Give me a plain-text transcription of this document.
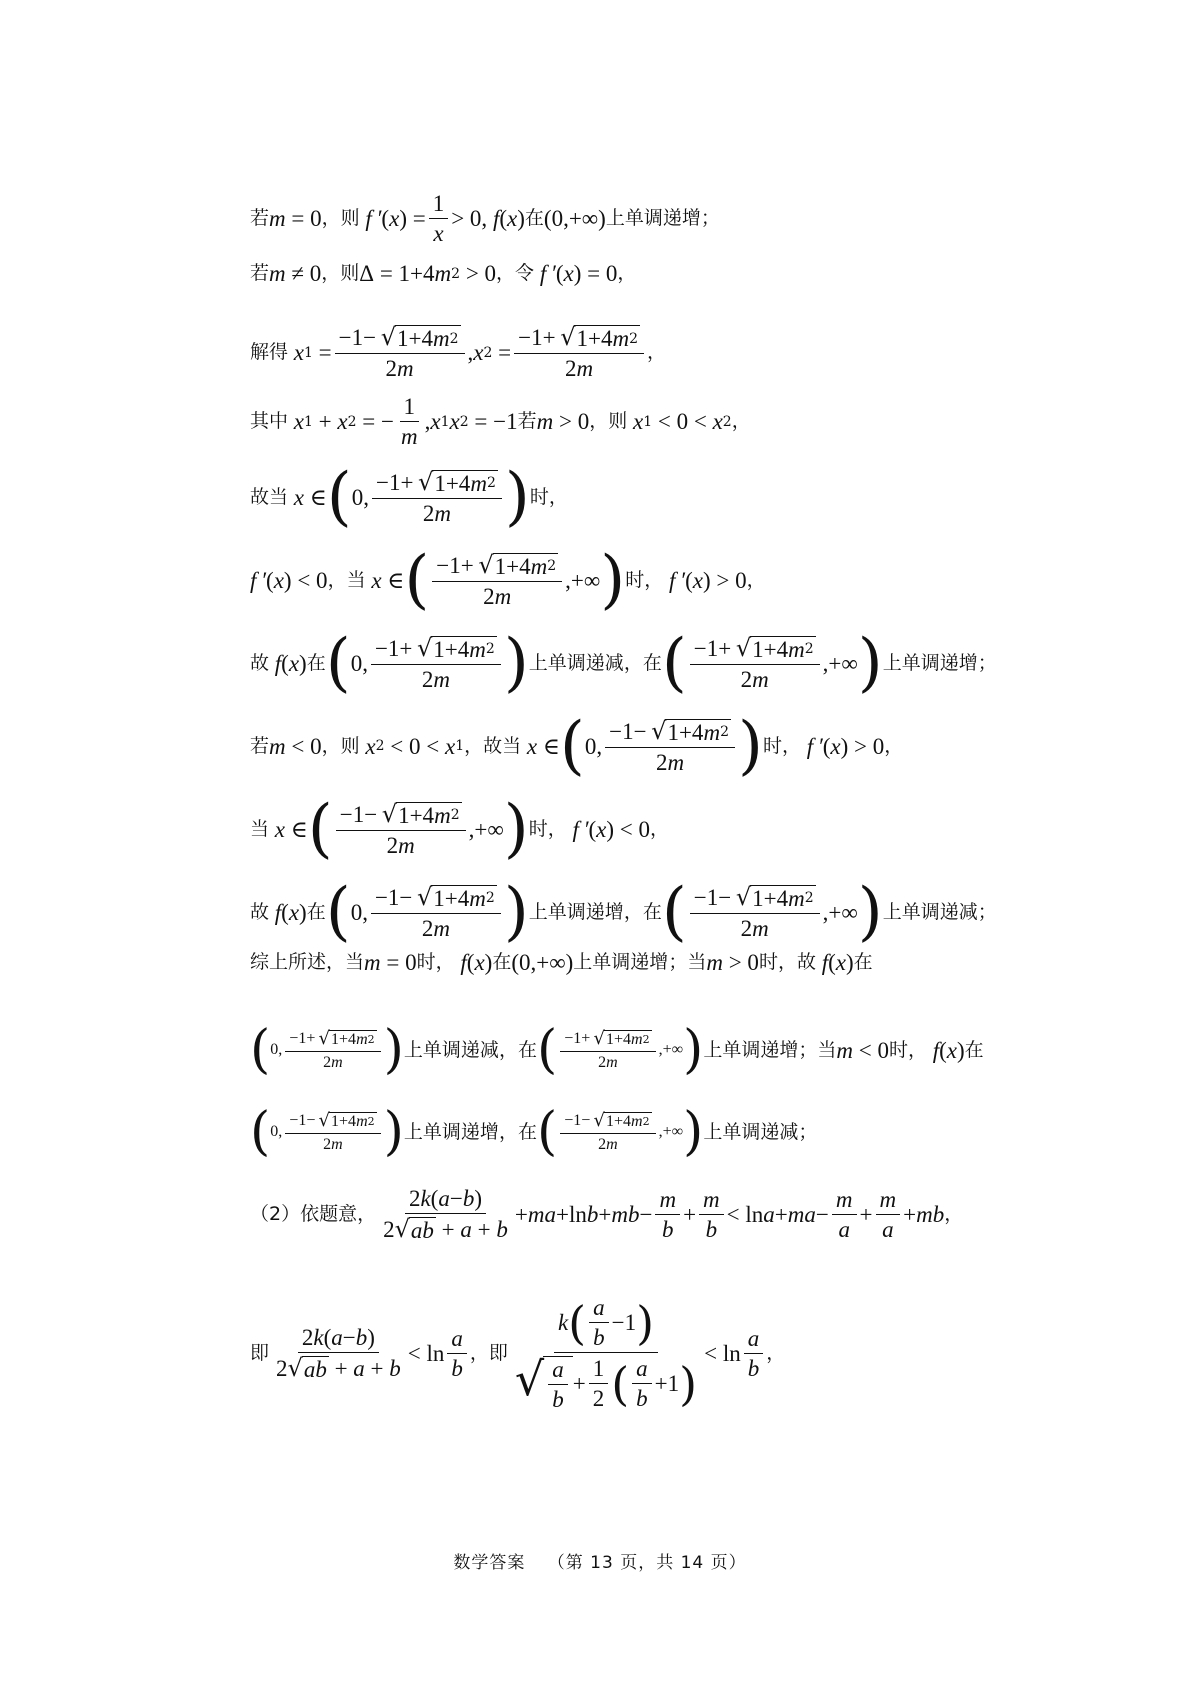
若 m = 0 ，则 f ′ ( x ) = $\frac{1}{x} > 0$, f ( x ) 在 (0,+∞) 上单调递增；
若 m ≠ 0 ，则 Δ = 1+4 m 2 > 0 ，令 f ′ ( x ) = 0 ，
解得 x $1 = \frac{-1- √ 1+4 m 2}{2 m}$ , x $2 = \frac{-1+ √ 1+4 m 2}{2 m}$ ，
其中 x 1 + x 2 = − $\frac{1}{m}$ , x 1 x 2 = −1 若 m > 0 ，则 x 1 < 0 < x 2 ，
故当 x ∈ ( 0, $\frac{-1+ √ 1+4 m 2}{2 m}$ ) 时，
f ′ ( x ) < 0 ，当 x ∈ ( $\frac{-1+ √ 1+4 m 2}{2 m}$ ,+∞ ) 时， f ′ ( x ) > 0 ，
故 f ( x ) 在 ( 0, $\frac{-1+ √ 1+4 m 2}{2 m}$ ) 上单调递减 ，在 ( $\frac{-1+ √ 1+4 m 2}{2 m}$ ,+∞ ) 上单调递增；
若 m < 0 ，则 x 2 < 0 < x 1 ，故当 x ∈ ( 0, $\frac{-1- √ 1+4 m 2}{2 m}$ ) 时， f ′ ( x ) > 0 ，
当 x ∈ ( $\frac{-1- √ 1+4 m 2}{2 m}$ ,+∞ ) 时， f ′ ( x ) < 0 ，
故 f ( x ) 在 ( 0, $\frac{-1- √ 1+4 m 2}{2 m}$ ) 上单调递增 ，在 ( $\frac{-1- √ 1+4 m 2}{2 m}$ ,+∞ ) 上单调递减；
综上所述，当 m = 0 时， f ( x ) 在 (0,+∞) 上单调递增 ；当 m > 0 时，故 f ( x ) 在
( 0, $\frac{-1+ √ 1+4 m 2}{2 m}$ ) 上单调递减 ，在 ( $\frac{-1+ √ 1+4 m 2}{2 m}$ ,+∞ ) 上单调递增 ；当 m < 0 时， f ( x ) 在
( 0, $\frac{-1- √ 1+4 m 2}{2 m}$ ) 上单调递增 ，在 ( $\frac{-1- √ 1+4 m 2}{2 m}$ ,+∞ ) 上单调递减；
（2）依题意， $\frac{2 k ( a - b )}{2 √ ab + a + b}$ + ma +ln b + mb − $\frac{m}{b} + \frac{m}{b} < \ln a$ + ma − $\frac{m}{a} + \frac{m}{a}$ + mb ，
即 $\frac{2 k ( a - b )}{2 √ ab + a + b} < \ln \frac{a}{b}$ ，即
k ( $\frac{a}{b} -1$ )
√ $\frac{a}{b} + \frac{1}{2}$ ( $\frac{a}{b} +1$ )
< $\ln \frac{a}{b}$ ，
数学答案 （第 13 页，共 14 页）
